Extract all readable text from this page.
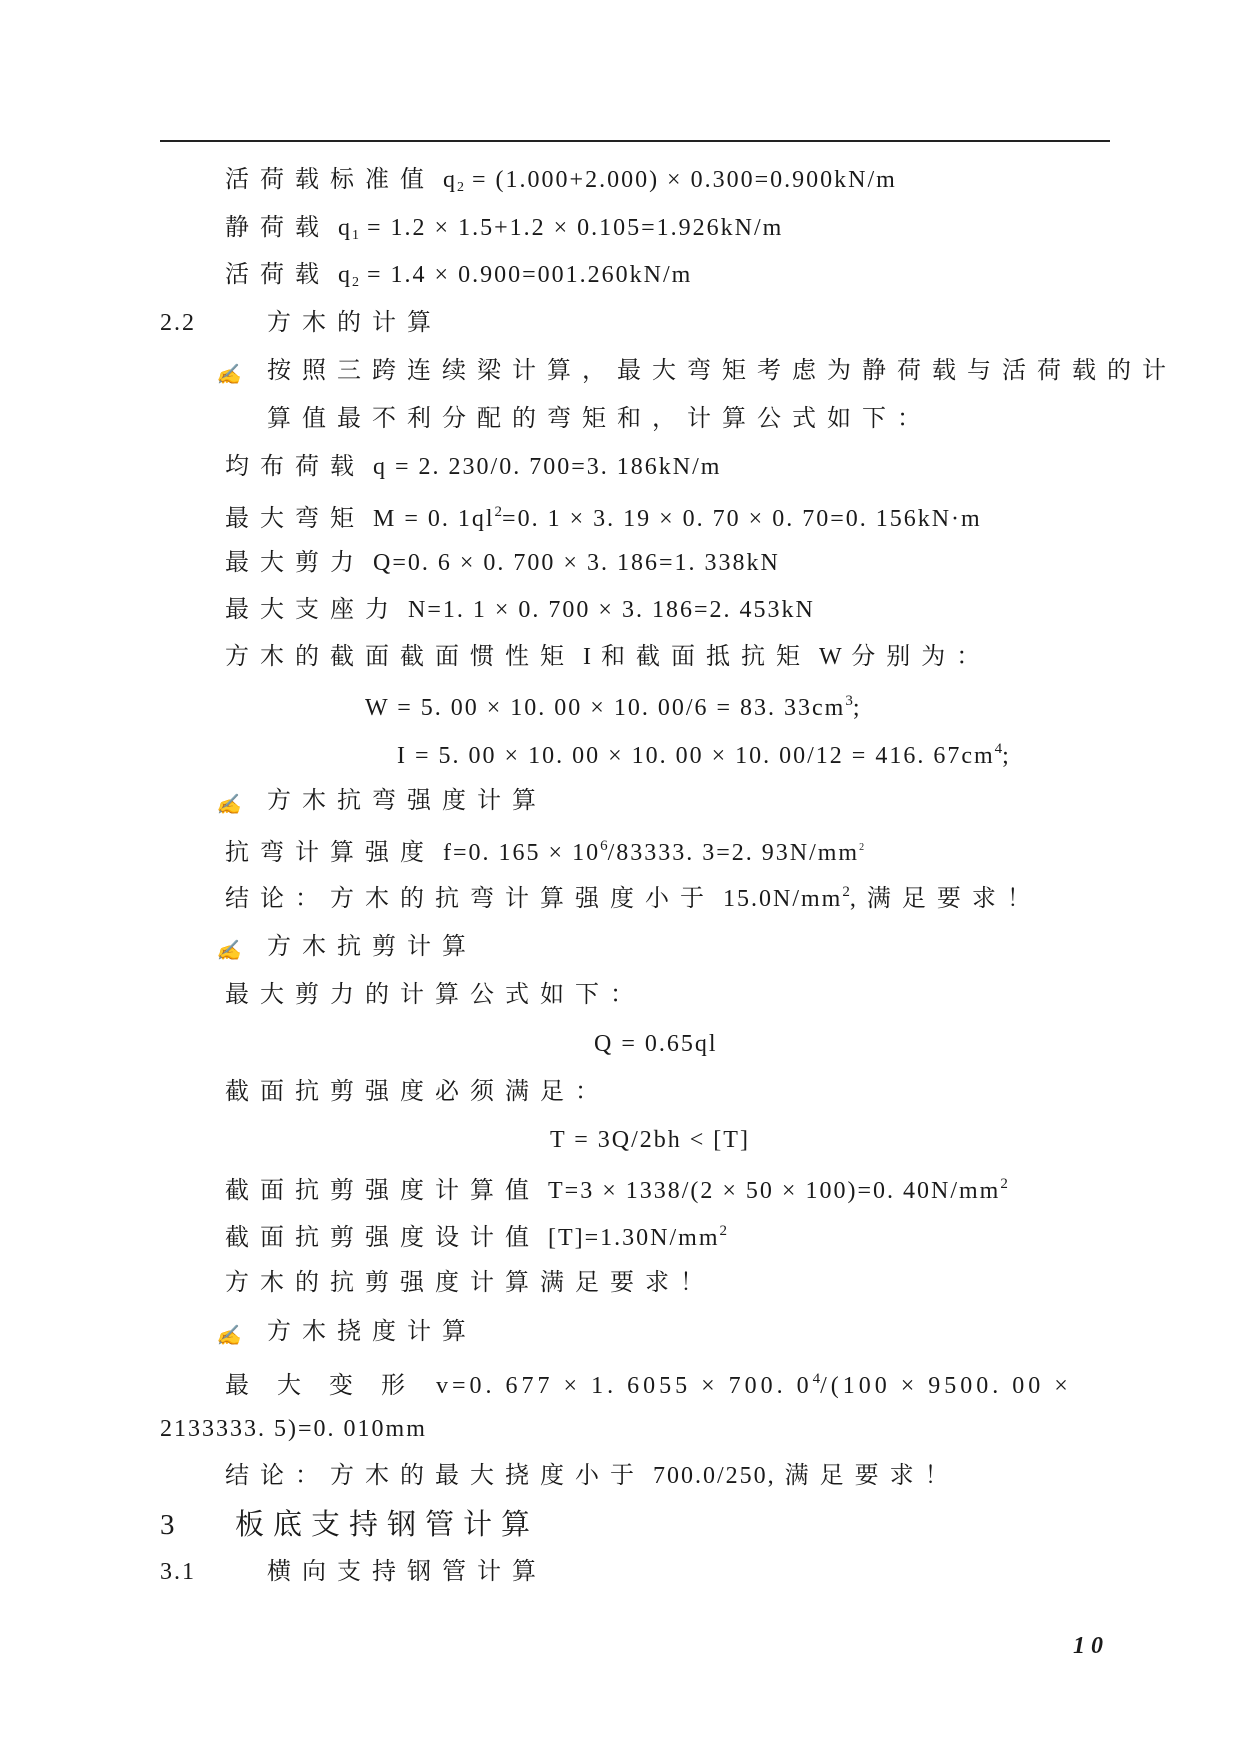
活荷载标准值 $q_2 = (1.000+2.000) \times 0.300=0.900kN/m$
静荷载 $q_1 = 1.2 \times 1.5+1.2 \times 0.105=1.926kN/m$
活荷载 $q_2 = 1.4 \times 0.900=001.260kN/m$
2.2	方木的计算
✍ 按照三跨连续梁计算，最大弯矩考虑为静荷载与活荷载的计
算值最不利分配的弯矩和，计算公式如下：
均布荷载 q = 2. 230/0. 700=3. 186kN/m
最大弯矩 M = 0. $1ql^2=0$. 1 × 3. 19 × 0. 70 × 0. 70=0. 156kN·m
最大剪力 Q=0. 6 × 0. 700 × 3. 186=1. 338kN
最大支座力 N=1. 1 × 0. 700 × 3. 186=2. 453kN
方木的截面截面惯性矩 I 和截面抵抗矩 W 分别为：
W = 5. 00 × 10. 00 × 10. 00/6 = 83. $33cm^3$;
I = 5. 00 × 10. 00 × 10. 00 × 10. 00/12 = 416. $67cm^4$;
✍ 方木抗弯强度计算
抗弯计算强度 f=0. $165 \times 10^6/83333$. 3=2. $93N/mm^2$
结论：方木的抗弯计算强度小于 $15.0N/mm^2$,满足要求！
✍ 方木抗剪计算
最大剪力的计算公式如下：
Q = 0.65ql
截面抗剪强度必须满足：
T = 3Q/2bh < [T]
截面抗剪强度计算值 T=3 × 1338/(2 × 50 × 100)=0. $40N/mm^2$
截面抗剪强度设计值 $[T]=1.30N/mm^2$
方木的抗剪强度计算满足要求！
✍ 方木挠度计算
最 大 变 形 v=0. 677 × 1. 6055 × 700. $0^4/(100 \times 9500$. 00 ×
2133333. 5)=0. 010mm
结论：方木的最大挠度小于 700.0/250,满足要求！
3 板底支持钢管计算
3.1	横向支持钢管计算
10
